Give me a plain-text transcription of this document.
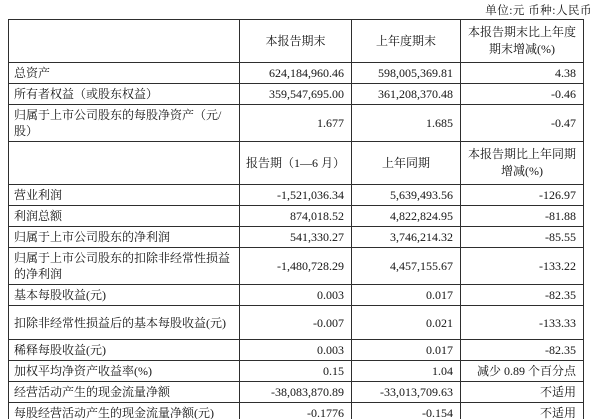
单位:元 币种:人民币
	本报告期末	上年度期末	本报告期末比上年度期末增减(%)
总资产	624,184,960.46	598,005,369.81	4.38
所有者权益（或股东权益）	359,547,695.00	361,208,370.48	-0.46
归属于上市公司股东的每股净资产（元/股）	1.677	1.685	-0.47
	报告期（1—6 月）	上年同期	本报告期比上年同期增减(%)
营业利润	-1,521,036.34	5,639,493.56	-126.97
利润总额	874,018.52	4,822,824.95	-81.88
归属于上市公司股东的净利润	541,330.27	3,746,214.32	-85.55
归属于上市公司股东的扣除非经常性损益的净利润	-1,480,728.29	4,457,155.67	-133.22
基本每股收益(元)	0.003	0.017	-82.35
扣除非经常性损益后的基本每股收益(元)	-0.007	0.021	-133.33
稀释每股收益(元)	0.003	0.017	-82.35
加权平均净资产收益率(%)	0.15	1.04	减少 0.89 个百分点
经营活动产生的现金流量净额	-38,083,870.89	-33,013,709.63	不适用
每股经营活动产生的现金流量净额(元)	-0.1776	-0.154	不适用
